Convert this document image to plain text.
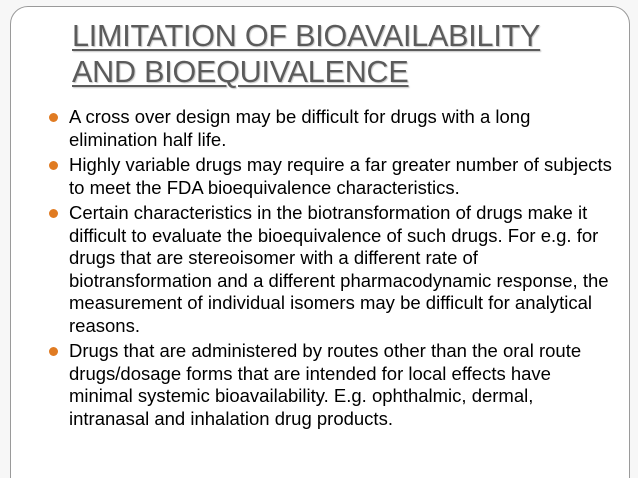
LIMITATION OF BIOAVAILABILITY AND BIOEQUIVALENCE
A cross over design may be difficult for drugs with a long elimination half life.
Highly variable drugs may require a far greater number of subjects to meet the FDA bioequivalence characteristics.
Certain characteristics in the biotransformation of drugs make it difficult to evaluate the bioequivalence of such drugs. For e.g. for drugs that are stereoisomer with a different rate of biotransformation and a different pharmacodynamic response, the measurement of individual isomers may be difficult for analytical reasons.
Drugs that are administered by routes other than the oral route drugs/dosage forms that are intended for local effects have minimal systemic bioavailability. E.g. ophthalmic, dermal, intranasal and inhalation drug products.
